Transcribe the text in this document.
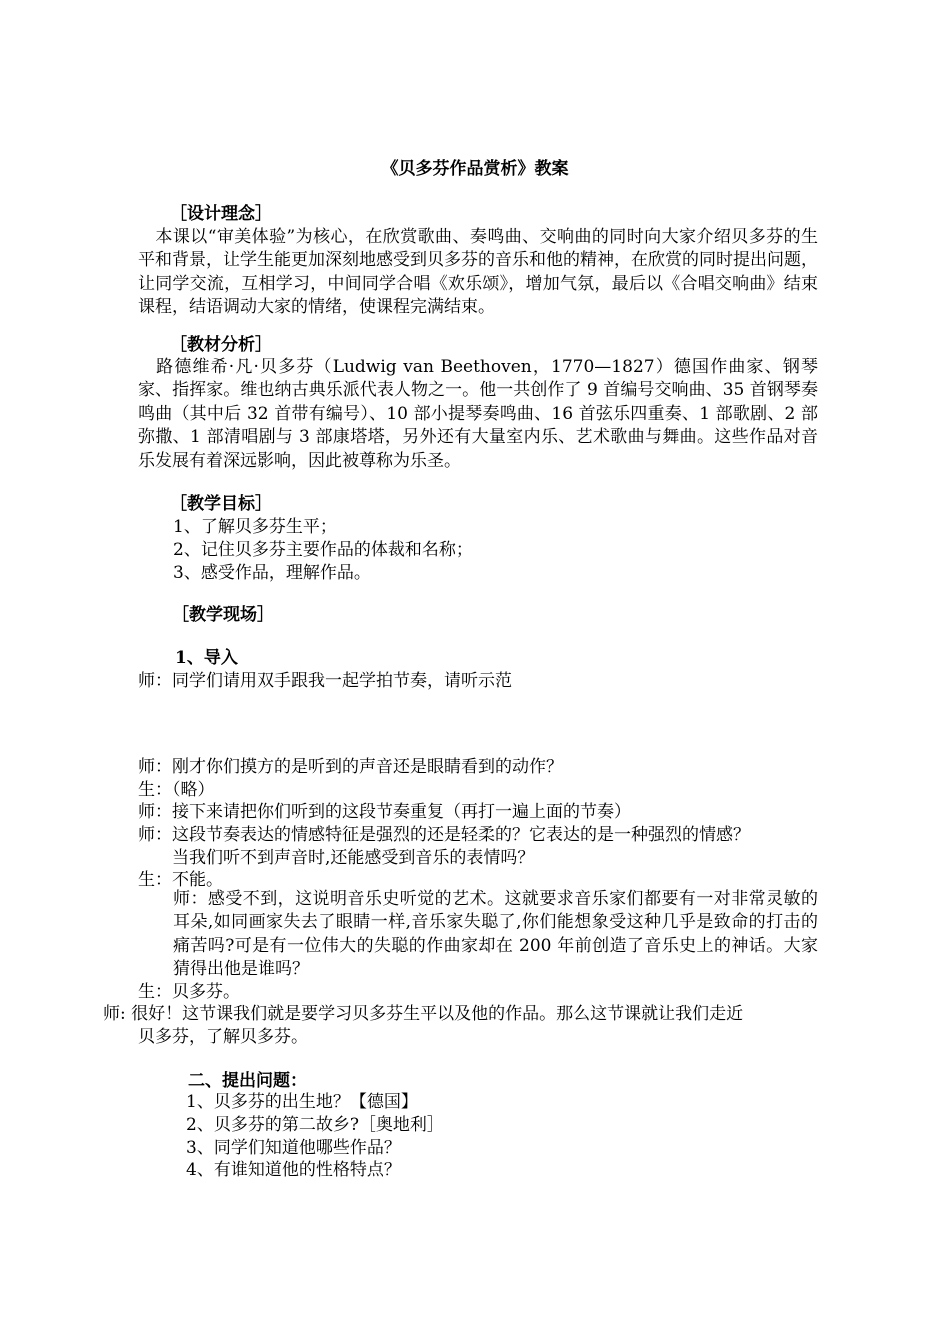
《贝多芬作品赏析》教案
［设计理念］
　本课以“审美体验”为核心，在欣赏歌曲、奏鸣曲、交响曲的同时向大家介绍贝多芬的生平和背景，让学生能更加深刻地感受到贝多芬的音乐和他的精神，在欣赏的同时提出问题，让同学交流，互相学习，中间同学合唱《欢乐颂》，增加气氛，最后以《合唱交响曲》结束课程，结语调动大家的情绪，使课程完满结束。
［教材分析］
　路德维希·凡·贝多芬（Ludwig van Beethoven，1770—1827）德国作曲家、钢琴家、指挥家。维也纳古典乐派代表人物之一。他一共创作了 9 首编号交响曲、35 首钢琴奏鸣曲（其中后 32 首带有编号）、10 部小提琴奏鸣曲、16 首弦乐四重奏、1 部歌剧、2 部弥撒、1 部清唱剧与 3 部康塔塔，另外还有大量室内乐、艺术歌曲与舞曲。这些作品对音乐发展有着深远影响，因此被尊称为乐圣。
［教学目标］
1、了解贝多芬生平；
2、记住贝多芬主要作品的体裁和名称；
3、感受作品，理解作品。
［教学现场］
1、导入
师：同学们请用双手跟我一起学拍节奏，请听示范
师：刚才你们摸方的是听到的声音还是眼睛看到的动作？
生：（略）
师：接下来请把你们听到的这段节奏重复（再打一遍上面的节奏）
师：这段节奏表达的情感特征是强烈的还是轻柔的？它表达的是一种强烈的情感？
当我们听不到声音时,还能感受到音乐的表情吗？
生：不能。
师：感受不到，这说明音乐史听觉的艺术。这就要求音乐家们都要有一对非常灵敏的耳朵,如同画家失去了眼睛一样,音乐家失聪了,你们能想象受这种几乎是致命的打击的痛苦吗?可是有一位伟大的失聪的作曲家却在 200 年前创造了音乐史上的神话。大家猜得出他是谁吗？
生：贝多芬。
师: 很好！这节课我们就是要学习贝多芬生平以及他的作品。那么这节课就让我们走近
贝多芬，了解贝多芬。
二、提出问题：
1、贝多芬的出生地？【德国】
2、贝多芬的第二故乡?［奥地利］
3、同学们知道他哪些作品？
4、有谁知道他的性格特点？
